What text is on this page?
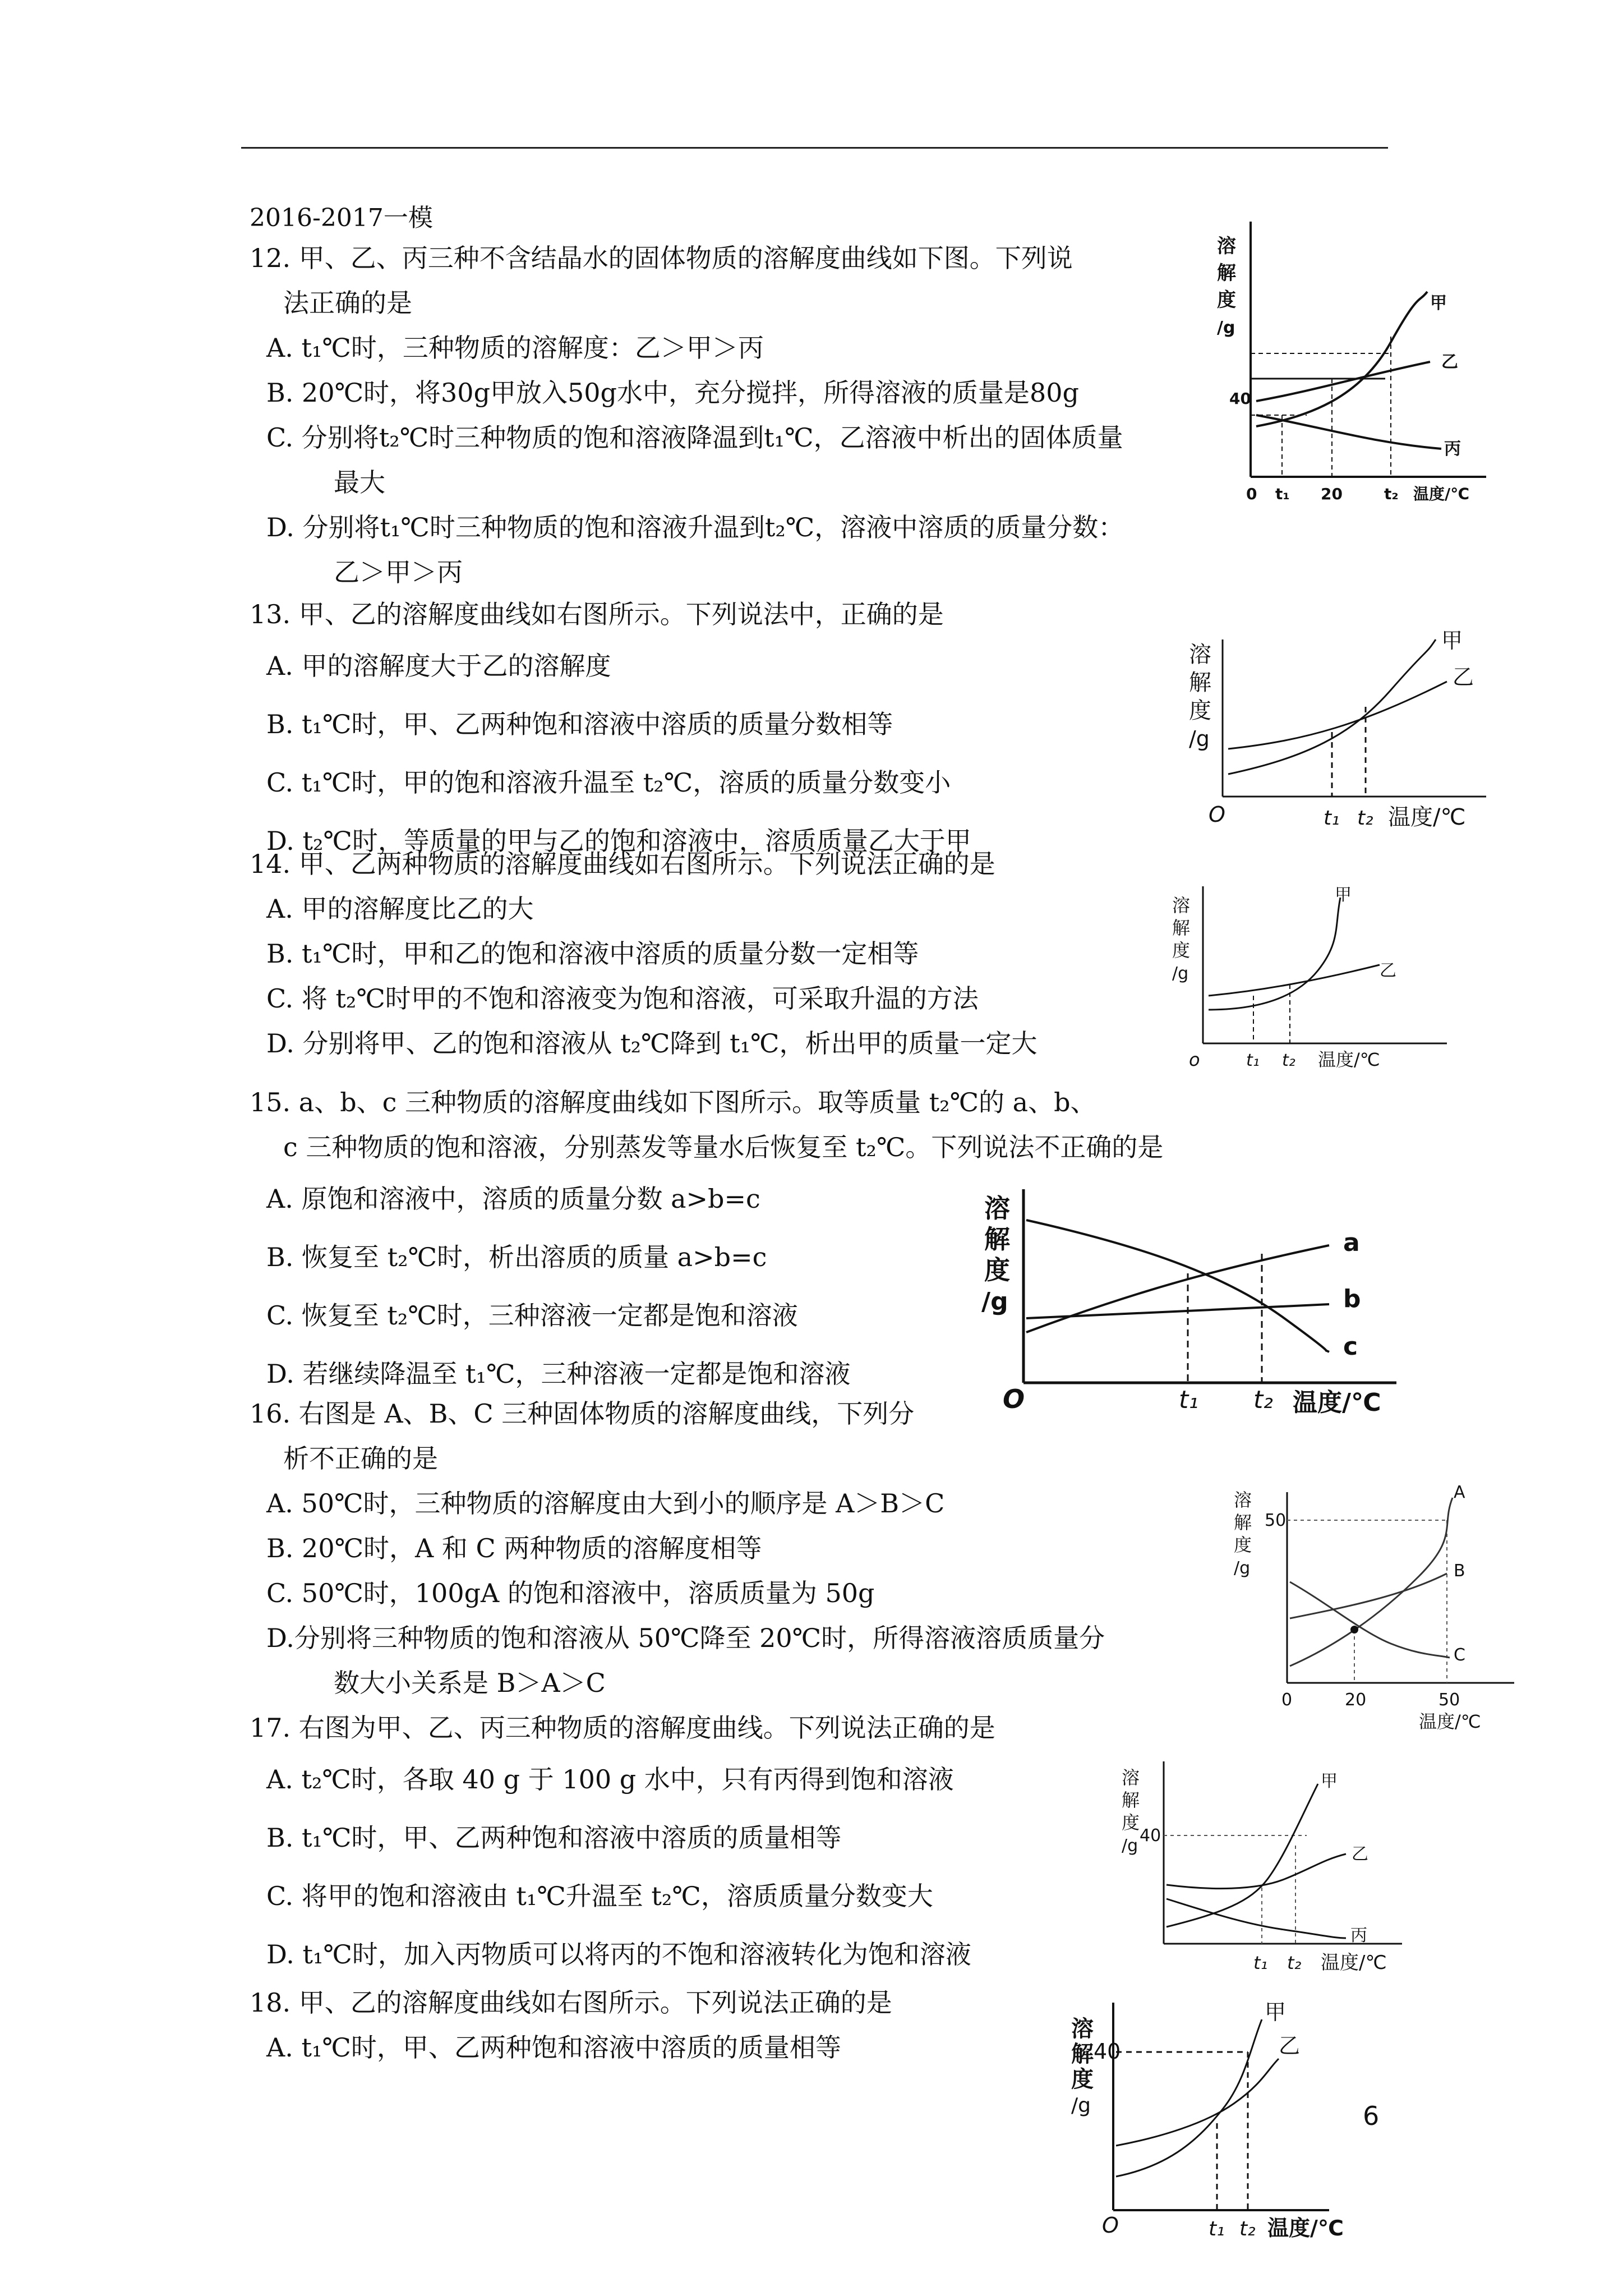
2016-2017一模
12. 甲、乙、丙三种不含结晶水的固体物质的溶解度曲线如下图。下列说
法正确的是
A. t₁℃时，三种物质的溶解度：乙＞甲＞丙
B. 20℃时，将30g甲放入50g水中，充分搅拌，所得溶液的质量是80g
C. 分别将t₂℃时三种物质的饱和溶液降温到t₁℃，乙溶液中析出的固体质量
最大
D. 分别将t₁℃时三种物质的饱和溶液升温到t₂℃，溶液中溶质的质量分数：
乙＞甲＞丙
13. 甲、乙的溶解度曲线如右图所示。下列说法中，正确的是
A. 甲的溶解度大于乙的溶解度
B. t₁℃时，甲、乙两种饱和溶液中溶质的质量分数相等
C. t₁℃时，甲的饱和溶液升温至 t₂℃，溶质的质量分数变小
D. t₂℃时，等质量的甲与乙的饱和溶液中，溶质质量乙大于甲
14. 甲、乙两种物质的溶解度曲线如右图所示。下列说法正确的是
A. 甲的溶解度比乙的大
B. t₁℃时，甲和乙的饱和溶液中溶质的质量分数一定相等
C. 将 t₂℃时甲的不饱和溶液变为饱和溶液，可采取升温的方法
D. 分别将甲、乙的饱和溶液从 t₂℃降到 t₁℃，析出甲的质量一定大
15. a、b、c 三种物质的溶解度曲线如下图所示。取等质量 t₂℃的 a、b、
c 三种物质的饱和溶液，分别蒸发等量水后恢复至 t₂℃。下列说法不正确的是
A. 原饱和溶液中，溶质的质量分数 a>b=c
B. 恢复至 t₂℃时，析出溶质的质量 a>b=c
C. 恢复至 t₂℃时，三种溶液一定都是饱和溶液
D. 若继续降温至 t₁℃，三种溶液一定都是饱和溶液
16. 右图是 A、B、C 三种固体物质的溶解度曲线，下列分
析不正确的是
A. 50℃时，三种物质的溶解度由大到小的顺序是 A＞B＞C
B. 20℃时，A 和 C 两种物质的溶解度相等
C. 50℃时，100gA 的饱和溶液中，溶质质量为 50g
D.分别将三种物质的饱和溶液从 50℃降至 20℃时，所得溶液溶质质量分
数大小关系是 B＞A＞C
17. 右图为甲、乙、丙三种物质的溶解度曲线。下列说法正确的是
A. t₂℃时，各取 40 g 于 100 g 水中，只有丙得到饱和溶液
B. t₁℃时，甲、乙两种饱和溶液中溶质的质量相等
C. 将甲的饱和溶液由 t₁℃升温至 t₂℃，溶质质量分数变大
D. t₁℃时，加入丙物质可以将丙的不饱和溶液转化为饱和溶液
18. 甲、乙的溶解度曲线如右图所示。下列说法正确的是
A. t₁℃时，甲、乙两种饱和溶液中溶质的质量相等
6
溶
解
度
/g
40
甲
乙
丙
0 t₁ 20	t₂ 温度/℃
溶
解
度
/g
甲
乙
O	t₁ t₂ 温度/℃
溶
解
度
/g
甲
乙
o	t₁ t₂ 温度/℃
溶
解
度
/g
a
b
c
O	t₁ t₂ 温度/℃
溶
解
度
/g
50
A
B
C
0	20	50
温度/℃
溶
解
度
/g
40
甲
乙
丙
t₁ t₂ 温度/℃
溶
解
度
/g
40
甲
乙
O	t₁ t₂ 温度/℃
